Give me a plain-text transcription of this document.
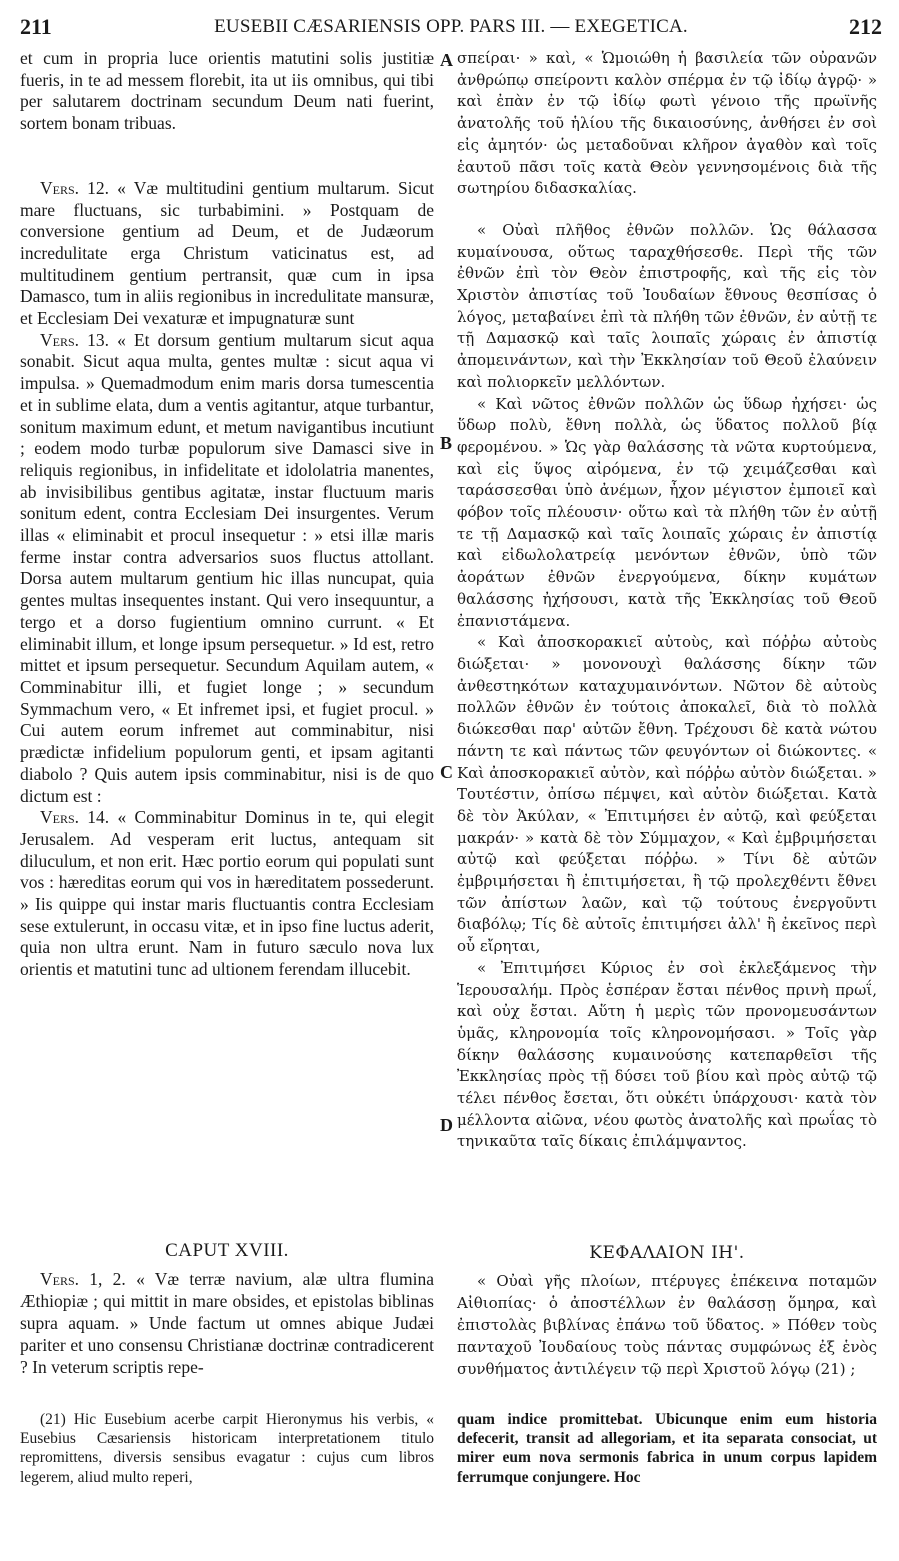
211	EUSEBII CÆSARIENSIS OPP. PARS III. — EXEGETICA.	212
A
B
C
D

et cum in propria luce orientis matutini solis justitiæ fueris, in te ad messem florebit, ita ut iis omnibus, qui tibi per salutarem doctrinam secundum Deum nati fuerint, sortem bonam tribuas.

Vers. 12. « Væ multitudini gentium multarum. Sicut mare fluctuans, sic turbabimini. » Postquam de conversione gentium ad Deum, et de Judæorum incredulitate erga Christum vaticinatus est, ad multitudinem gentium pertransit, quæ cum in ipsa Damasco, tum in aliis regionibus in incredulitate mansuræ, et Ecclesiam Dei vexaturæ et impugnaturæ sunt

Vers. 13. « Et dorsum gentium multarum sicut aqua sonabit. Sicut aqua multa, gentes multæ : sicut aqua vi impulsa. » Quemadmodum enim maris dorsa tumescentia et in sublime elata, dum a ventis agitantur, atque turbantur, sonitum maximum edunt, et metum navigantibus incutiunt ; eodem modo turbæ populorum sive Damasci sive in reliquis regionibus, in infidelitate et idololatria manentes, ab invisibilibus gentibus agitatæ, instar fluctuum maris sonitum edent, contra Ecclesiam Dei insurgentes. Verum illas « eliminabit et procul insequetur : » etsi illæ maris ferme instar contra adversarios suos fluctus attollant. Dorsa autem multarum gentium hic illas nuncupat, quia gentes multas insequentes instant. Qui vero insequuntur, a tergo et a dorso fugientium omnino currunt. « Et eliminabit illum, et longe ipsum persequetur. » Id est, retro mittet et ipsum persequetur. Secundum Aquilam autem, « Comminabitur illi, et fugiet longe ; » secundum Symmachum vero, « Et infremet ipsi, et fugiet procul. » Cui autem eorum infremet aut comminabitur, nisi prædictæ infidelium populorum genti, et ipsam agitanti diabolo ? Quis autem ipsis comminabitur, nisi is de quo dictum est :

Vers. 14. « Comminabitur Dominus in te, qui elegit Jerusalem. Ad vesperam erit luctus, antequam sit diluculum, et non erit. Hæc portio eorum qui populati sunt vos : hæreditas eorum qui vos in hæreditatem possederunt. » Iis quippe qui instar maris fluctuantis contra Ecclesiam sese extulerunt, in occasu vitæ, et in ipso fine luctus aderit, quia non ultra erunt. Nam in futuro sæculo nova lux orientis et matutini tunc ad ultionem ferendam illucebit.

σπείραι· » καὶ, « Ὡμοιώθη ἡ βασιλεία τῶν οὐρανῶν ἀνθρώπῳ σπείροντι καλὸν σπέρμα ἐν τῷ ἰδίῳ ἀγρῷ· » καὶ ἐπὰν ἐν τῷ ἰδίῳ φωτὶ γένοιο τῆς πρωϊνῆς ἀνατολῆς τοῦ ἡλίου τῆς δικαιοσύνης, ἀνθήσει ἐν σοὶ εἰς ἀμητόν· ὡς μεταδοῦναι κλῆρον ἀγαθὸν καὶ τοῖς ἑαυτοῦ πᾶσι τοῖς κατὰ Θεὸν γεννησομένοις διὰ τῆς σωτηρίου διδασκαλίας.

« Οὐαὶ πλῆθος ἐθνῶν πολλῶν. Ὡς θάλασσα κυμαίνουσα, οὕτως ταραχθήσεσθε. Περὶ τῆς τῶν ἐθνῶν ἐπὶ τὸν Θεὸν ἐπιστροφῆς, καὶ τῆς εἰς τὸν Χριστὸν ἀπιστίας τοῦ Ἰουδαίων ἔθνους θεσπίσας ὁ λόγος, μεταβαίνει ἐπὶ τὰ πλήθη τῶν ἐθνῶν, ἐν αὐτῇ τε τῇ Δαμασκῷ καὶ ταῖς λοιπαῖς χώραις ἐν ἀπιστίᾳ ἀπομεινάντων, καὶ τὴν Ἐκκλησίαν τοῦ Θεοῦ ἐλαύνειν καὶ πολιορκεῖν μελλόντων.

« Καὶ νῶτος ἐθνῶν πολλῶν ὡς ὕδωρ ἠχήσει· ὡς ὕδωρ πολὺ, ἔθνη πολλὰ, ὡς ὕδατος πολλοῦ βίᾳ φερομένου. » Ὡς γὰρ θαλάσσης τὰ νῶτα κυρτούμενα, καὶ εἰς ὕψος αἰρόμενα, ἐν τῷ χειμάζεσθαι καὶ ταράσσεσθαι ὑπὸ ἀνέμων, ἦχον μέγιστον ἐμποιεῖ καὶ φόβον τοῖς πλέουσιν· οὕτω καὶ τὰ πλήθη τῶν ἐν αὐτῇ τε τῇ Δαμασκῷ καὶ ταῖς λοιπαῖς χώραις ἐν ἀπιστίᾳ καὶ εἰδωλολατρείᾳ μενόντων ἐθνῶν, ὑπὸ τῶν ἀοράτων ἐθνῶν ἐνεργούμενα, δίκην κυμάτων θαλάσσης ἠχήσουσι, κατὰ τῆς Ἐκκλησίας τοῦ Θεοῦ ἐπανιστάμενα.

« Καὶ ἀποσκορακιεῖ αὐτοὺς, καὶ πόῤῥω αὐτοὺς διώξεται· » μονονουχὶ θαλάσσης δίκην τῶν ἀνθεστηκότων καταχυμαινόντων. Νῶτον δὲ αὐτοὺς πολλῶν ἐθνῶν ἐν τούτοις ἀποκαλεῖ, διὰ τὸ πολλὰ διώκεσθαι παρ' αὐτῶν ἔθνη. Τρέχουσι δὲ κατὰ νώτου πάντη τε καὶ πάντως τῶν φευγόντων οἱ διώκοντες. « Καὶ ἀποσκορακιεῖ αὐτὸν, καὶ πόῤῥω αὐτὸν διώξεται. » Τουτέστιν, ὀπίσω πέμψει, καὶ αὐτὸν διώξεται. Κατὰ δὲ τὸν Ἀκύλαν, « Ἐπιτιμήσει ἐν αὐτῷ, καὶ φεύξεται μακράν· » κατὰ δὲ τὸν Σύμμαχον, « Καὶ ἐμβριμήσεται αὐτῷ καὶ φεύξεται πόῤῥω. » Τίνι δὲ αὐτῶν ἐμβριμήσεται ἢ ἐπιτιμήσεται, ἢ τῷ προλεχθέντι ἔθνει τῶν ἀπίστων λαῶν, καὶ τῷ τούτους ἐνεργοῦντι διαβόλῳ; Τίς δὲ αὐτοῖς ἐπιτιμήσει ἀλλ' ἢ ἐκεῖνος περὶ οὗ εἴρηται,

« Ἐπιτιμήσει Κύριος ἐν σοὶ ἐκλεξάμενος τὴν Ἱερουσαλήμ. Πρὸς ἑσπέραν ἔσται πένθος πρινὴ πρωΐ, καὶ οὐχ ἔσται. Αὕτη ἡ μερὶς τῶν προνομευσάντων ὑμᾶς, κληρονομία τοῖς κληρονομήσασι. » Τοῖς γὰρ δίκην θαλάσσης κυμαινούσης κατεπαρθεῖσι τῆς Ἐκκλησίας πρὸς τῇ δύσει τοῦ βίου καὶ πρὸς αὐτῷ τῷ τέλει πένθος ἔσεται, ὅτι οὐκέτι ὑπάρχουσι· κατὰ τὸν μέλλοντα αἰῶνα, νέου φωτὸς ἀνατολῆς καὶ πρωΐας τὸ τηνικαῦτα ταῖς δίκαις ἐπιλάμψαντος.

CAPUT XVIII.	ΚΕΦΑΛΑΙΟΝ ΙΗ'.

Vers. 1, 2. « Væ terræ navium, alæ ultra flumina Æthiopiæ ; qui mittit in mare obsides, et epistolas biblinas supra aquam. » Unde factum ut omnes abique Judæi pariter et uno consensu Christianæ doctrinæ contradicerent ? In veterum scriptis repe-

« Οὐαὶ γῆς πλοίων, πτέρυγες ἐπέκεινα ποταμῶν Αἰθιοπίας· ὁ ἀποστέλλων ἐν θαλάσσῃ ὅμηρα, καὶ ἐπιστολὰς βιβλίνας ἐπάνω τοῦ ὕδατος. » Πόθεν τοὺς πανταχοῦ Ἰουδαίους τοὺς πάντας συμφώνως ἐξ ἑνὸς συνθήματος ἀντιλέγειν τῷ περὶ Χριστοῦ λόγῳ (21) ;

(21) Hic Eusebium acerbe carpit Hieronymus his verbis, « Eusebius Cæsariensis historicam interpretationem titulo repromittens, diversis sensibus evagatur : cujus cum libros legerem, aliud multo reperi,

quam indice promittebat. Ubicunque enim eum historia defecerit, transit ad allegoriam, et ita separata consociat, ut mirer eum nova sermonis fabrica in unum corpus lapidem ferrumque conjungere. Hoc
